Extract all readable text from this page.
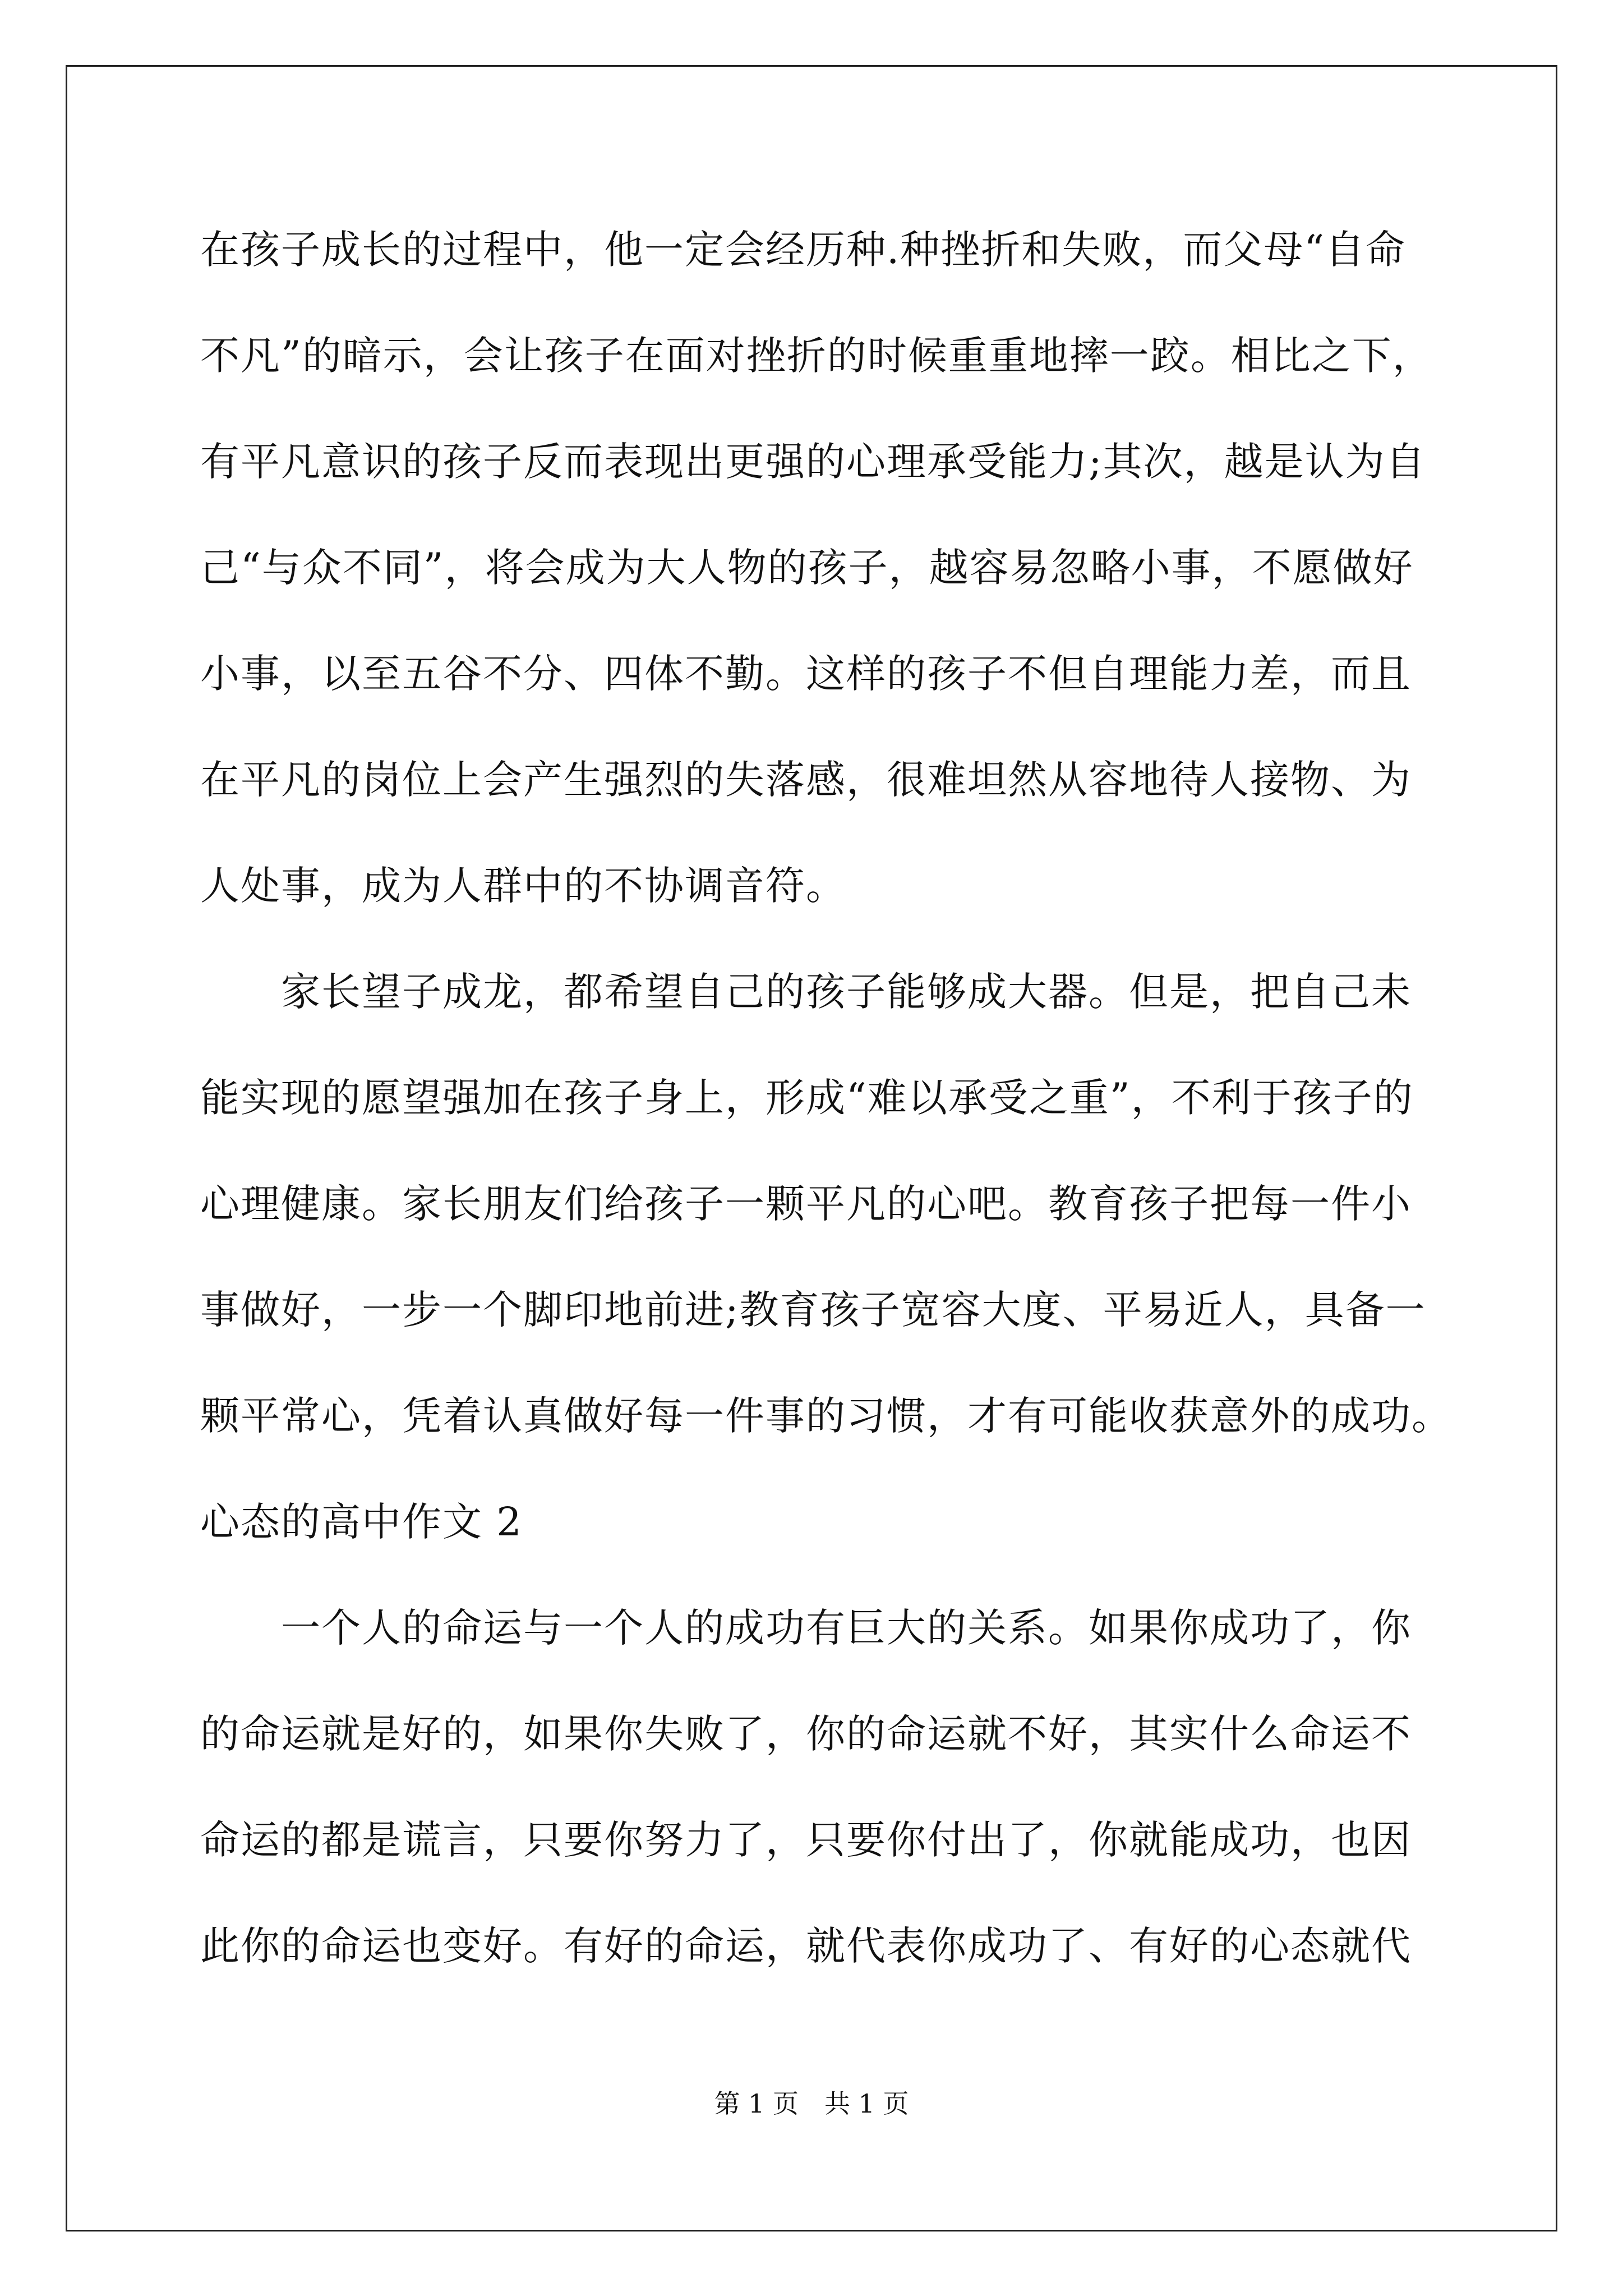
在孩子成长的过程中，他一定会经历种.种挫折和失败，而父母“自命
不凡”的暗示，会让孩子在面对挫折的时候重重地摔一跤。相比之下，
有平凡意识的孩子反而表现出更强的心理承受能力;其次，越是认为自
己“与众不同”，将会成为大人物的孩子，越容易忽略小事，不愿做好
小事，以至五谷不分、四体不勤。这样的孩子不但自理能力差，而且
在平凡的岗位上会产生强烈的失落感，很难坦然从容地待人接物、为
人处事，成为人群中的不协调音符。
　　家长望子成龙，都希望自己的孩子能够成大器。但是，把自己未
能实现的愿望强加在孩子身上，形成“难以承受之重”，不利于孩子的
心理健康。家长朋友们给孩子一颗平凡的心吧。教育孩子把每一件小
事做好，一步一个脚印地前进;教育孩子宽容大度、平易近人，具备一
颗平常心，凭着认真做好每一件事的习惯，才有可能收获意外的成功。
心态的高中作文 2
　　一个人的命运与一个人的成功有巨大的关系。如果你成功了，你
的命运就是好的，如果你失败了，你的命运就不好，其实什么命运不
命运的都是谎言，只要你努力了，只要你付出了，你就能成功，也因
此你的命运也变好。有好的命运，就代表你成功了、有好的心态就代
第 1 页　共 1 页
